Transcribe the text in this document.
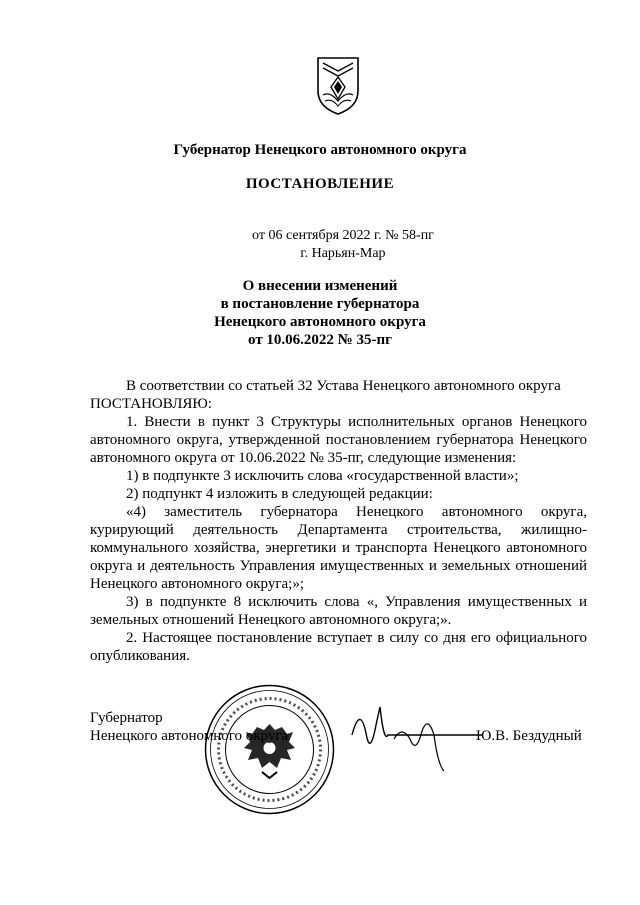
Губернатор Ненецкого автономного округа
ПОСТАНОВЛЕНИЕ
от 06 сентября 2022 г. № 58-пг
г. Нарьян-Мар
О внесении изменений
в постановление губернатора
Ненецкого автономного округа
от 10.06.2022 № 35-пг

В соответствии со статьей 32 Устава Ненецкого автономного округа

ПОСТАНОВЛЯЮ:

1. Внести в пункт 3 Структуры исполнительных органов Ненецкого автономного округа, утвержденной постановлением губернатора Ненецкого автономного округа от 10.06.2022 № 35-пг, следующие изменения:

1) в подпункте 3 исключить слова «государственной власти»;

2) подпункт 4 изложить в следующей редакции:

«4) заместитель губернатора Ненецкого автономного округа, курирующий деятельность Департамента строительства, жилищно-коммунального хозяйства, энергетики и транспорта Ненецкого автономного округа и деятельность Управления имущественных и земельных отношений Ненецкого автономного округа;»;

3) в подпункте 8 исключить слова «, Управления имущественных и земельных отношений Ненецкого автономного округа;».

2. Настоящее постановление вступает в силу со дня его официального опубликования.

Губернатор
Ненецкого автономного округа	Ю.В. Бездудный
